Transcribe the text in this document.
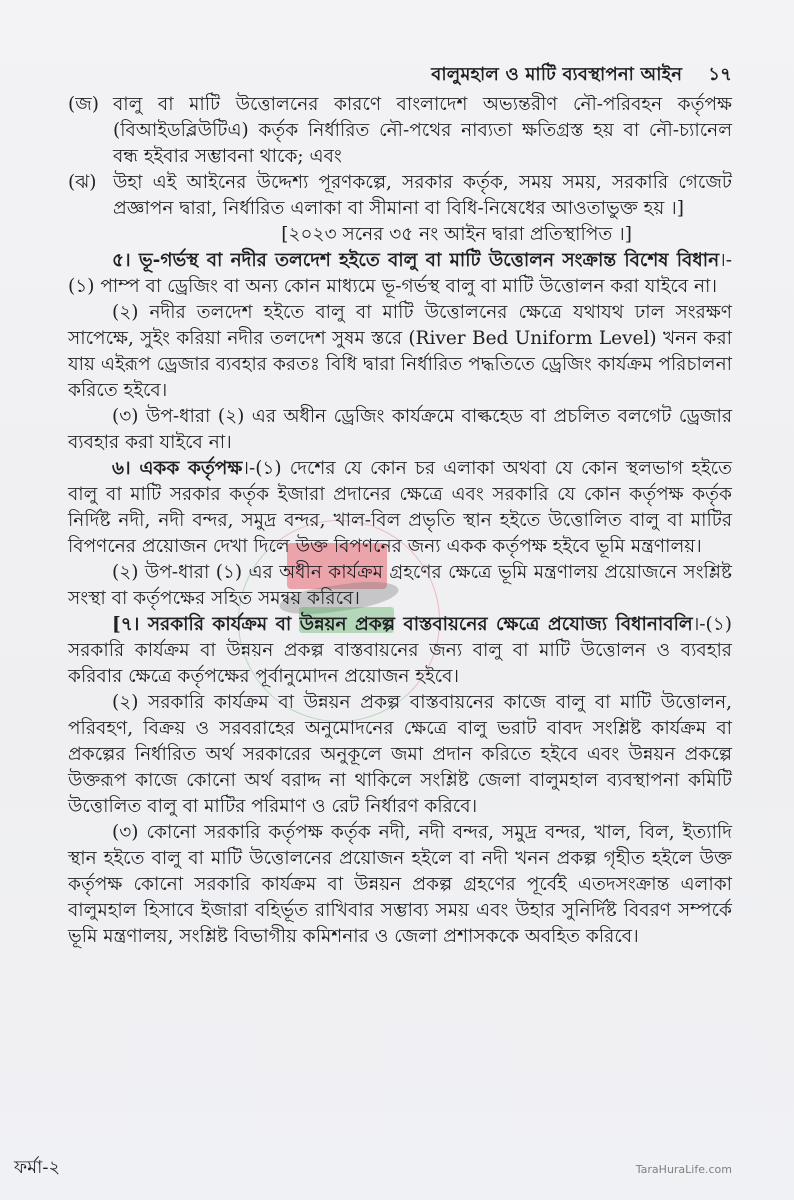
বালুমহাল ও মাটি ব্যবস্থাপনা আইন ১৭
(জ) বালু বা মাটি উত্তোলনের কারণে বাংলাদেশ অভ্যন্তরীণ নৌ-পরিবহন কর্তৃপক্ষ (বিআইডব্লিউটিএ) কর্তৃক নির্ধারিত নৌ-পথের নাব্যতা ক্ষতিগ্রস্ত হয় বা নৌ-চ্যানেল বন্ধ হইবার সম্ভাবনা থাকে; এবং
(ঝ) উহা এই আইনের উদ্দেশ্য পূরণকল্পে, সরকার কর্তৃক, সময় সময়, সরকারি গেজেট প্রজ্ঞাপন দ্বারা, নির্ধারিত এলাকা বা সীমানা বা বিধি-নিষেধের আওতাভুক্ত হয় ।]
[২০২৩ সনের ৩৫ নং আইন দ্বারা প্রতিস্থাপিত ।]

৫। ভূ-গর্ভস্থ বা নদীর তলদেশ হইতে বালু বা মাটি উত্তোলন সংক্রান্ত বিশেষ বিধান।-(১) পাম্প বা ড্রেজিং বা অন্য কোন মাধ্যমে ভূ-গর্ভস্থ বালু বা মাটি উত্তোলন করা যাইবে না।

(২) নদীর তলদেশ হইতে বালু বা মাটি উত্তোলনের ক্ষেত্রে যথাযথ ঢাল সংরক্ষণ সাপেক্ষে, সুইং করিয়া নদীর তলদেশ সুষম স্তরে (River Bed Uniform Level) খনন করা যায় এইরূপ ড্রেজার ব্যবহার করতঃ বিধি দ্বারা নির্ধারিত পদ্ধতিতে ড্রেজিং কার্যক্রম পরিচালনা করিতে হইবে।

(৩) উপ-ধারা (২) এর অধীন ড্রেজিং কার্যক্রমে বাল্কহেড বা প্রচলিত বলগেট ড্রেজার ব্যবহার করা যাইবে না।

৬। একক কর্তৃপক্ষ।-(১) দেশের যে কোন চর এলাকা অথবা যে কোন স্থলভাগ হইতে বালু বা মাটি সরকার কর্তৃক ইজারা প্রদানের ক্ষেত্রে এবং সরকারি যে কোন কর্তৃপক্ষ কর্তৃক নির্দিষ্ট নদী, নদী বন্দর, সমুদ্র বন্দর, খাল-বিল প্রভৃতি স্থান হইতে উত্তোলিত বালু বা মাটির বিপণনের প্রয়োজন দেখা দিলে উক্ত বিপণনের জন্য একক কর্তৃপক্ষ হইবে ভূমি মন্ত্রণালয়।

(২) উপ-ধারা (১) এর অধীন কার্যক্রম গ্রহণের ক্ষেত্রে ভূমি মন্ত্রণালয় প্রয়োজনে সংশ্লিষ্ট সংস্থা বা কর্তৃপক্ষের সহিত সমন্বয় করিবে।

[৭। সরকারি কার্যক্রম বা উন্নয়ন প্রকল্প বাস্তবায়নের ক্ষেত্রে প্রযোজ্য বিধানাবলি।-(১) সরকারি কার্যক্রম বা উন্নয়ন প্রকল্প বাস্তবায়নের জন্য বালু বা মাটি উত্তোলন ও ব্যবহার করিবার ক্ষেত্রে কর্তৃপক্ষের পূর্বানুমোদন প্রয়োজন হইবে।

(২) সরকারি কার্যক্রম বা উন্নয়ন প্রকল্প বাস্তবায়নের কাজে বালু বা মাটি উত্তোলন, পরিবহণ, বিক্রয় ও সরবরাহের অনুমোদনের ক্ষেত্রে বালু ভরাট বাবদ সংশ্লিষ্ট কার্যক্রম বা প্রকল্পের নির্ধারিত অর্থ সরকারের অনুকূলে জমা প্রদান করিতে হইবে এবং উন্নয়ন প্রকল্পে উক্তরূপ কাজে কোনো অর্থ বরাদ্দ না থাকিলে সংশ্লিষ্ট জেলা বালুমহাল ব্যবস্থাপনা কমিটি উত্তোলিত বালু বা মাটির পরিমাণ ও রেট নির্ধারণ করিবে।

(৩) কোনো সরকারি কর্তৃপক্ষ কর্তৃক নদী, নদী বন্দর, সমুদ্র বন্দর, খাল, বিল, ইত্যাদি স্থান হইতে বালু বা মাটি উত্তোলনের প্রয়োজন হইলে বা নদী খনন প্রকল্প গৃহীত হইলে উক্ত কর্তৃপক্ষ কোনো সরকারি কার্যক্রম বা উন্নয়ন প্রকল্প গ্রহণের পূর্বেই এতদসংক্রান্ত এলাকা বালুমহাল হিসাবে ইজারা বহির্ভূত রাখিবার সম্ভাব্য সময় এবং উহার সুনির্দিষ্ট বিবরণ সম্পর্কে ভূমি মন্ত্রণালয়, সংশ্লিষ্ট বিভাগীয় কমিশনার ও জেলা প্রশাসককে অবহিত করিবে।

ফর্মা-২	TaraHuraLife.com
